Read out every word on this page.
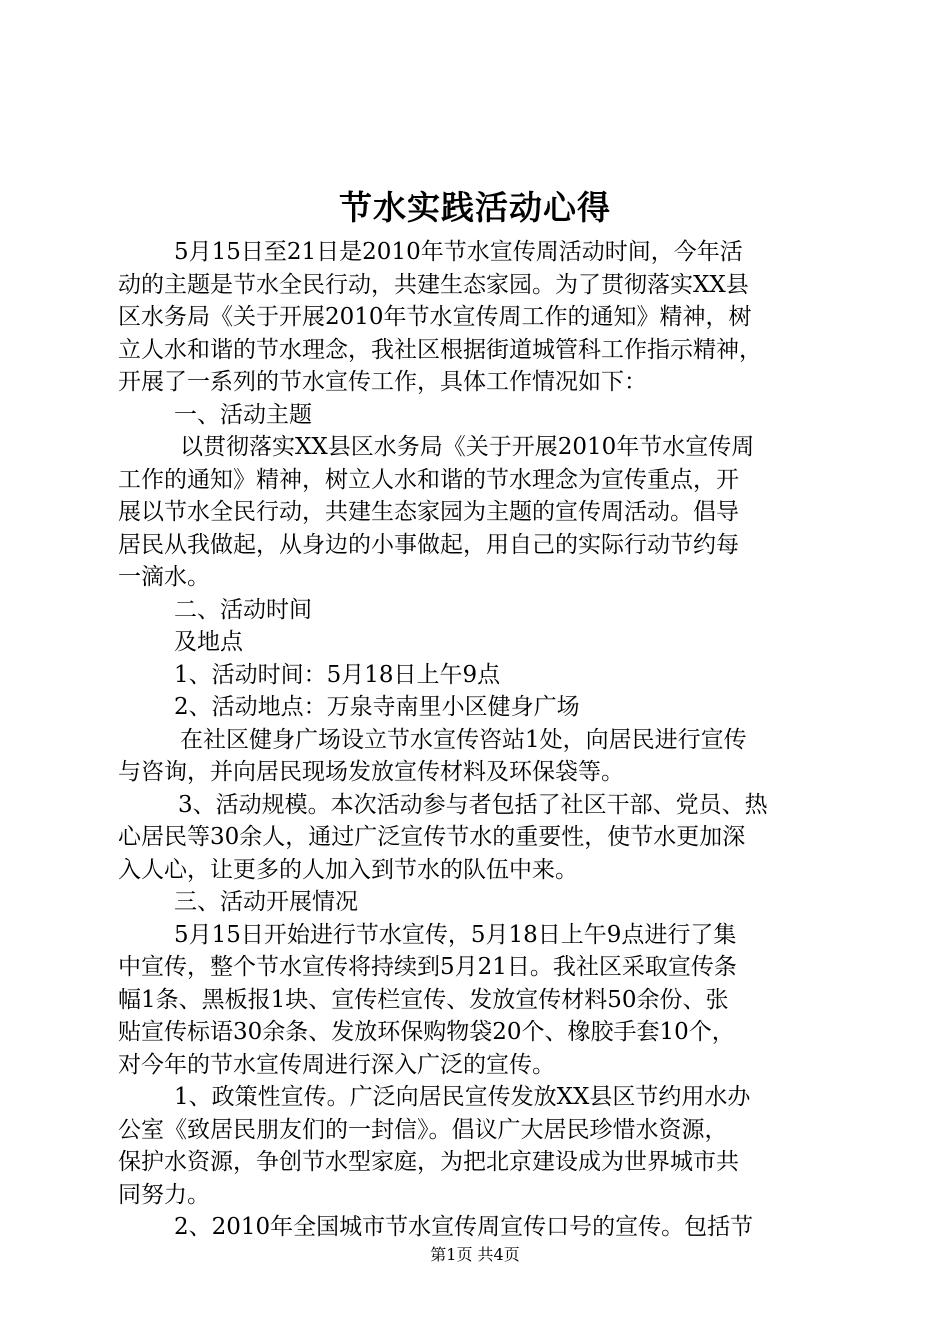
节水实践活动心得
5月15日至21日是2010年节水宣传周活动时间，今年活
动的主题是节水全民行动，共建生态家园。为了贯彻落实XX县
区水务局《关于开展2010年节水宣传周工作的通知》精神，树
立人水和谐的节水理念，我社区根据街道城管科工作指示精神，
开展了一系列的节水宣传工作，具体工作情况如下：
一、活动主题
以贯彻落实XX县区水务局《关于开展2010年节水宣传周
工作的通知》精神，树立人水和谐的节水理念为宣传重点，开
展以节水全民行动，共建生态家园为主题的宣传周活动。倡导
居民从我做起，从身边的小事做起，用自己的实际行动节约每
一滴水。
二、活动时间
及地点
1、活动时间：5月18日上午9点
2、活动地点：万泉寺南里小区健身广场
在社区健身广场设立节水宣传咨站1处，向居民进行宣传
与咨询，并向居民现场发放宣传材料及环保袋等。
3、活动规模。本次活动参与者包括了社区干部、党员、热
心居民等30余人，通过广泛宣传节水的重要性，使节水更加深
入人心，让更多的人加入到节水的队伍中来。
三、活动开展情况
5月15日开始进行节水宣传，5月18日上午9点进行了集
中宣传，整个节水宣传将持续到5月21日。我社区采取宣传条
幅1条、黑板报1块、宣传栏宣传、发放宣传材料50余份、张
贴宣传标语30余条、发放环保购物袋20个、橡胶手套10个，
对今年的节水宣传周进行深入广泛的宣传。
1、政策性宣传。广泛向居民宣传发放XX县区节约用水办
公室《致居民朋友们的一封信》。倡议广大居民珍惜水资源，
保护水资源，争创节水型家庭，为把北京建设成为世界城市共
同努力。
2、2010年全国城市节水宣传周宣传口号的宣传。包括节
第1页 共4页
